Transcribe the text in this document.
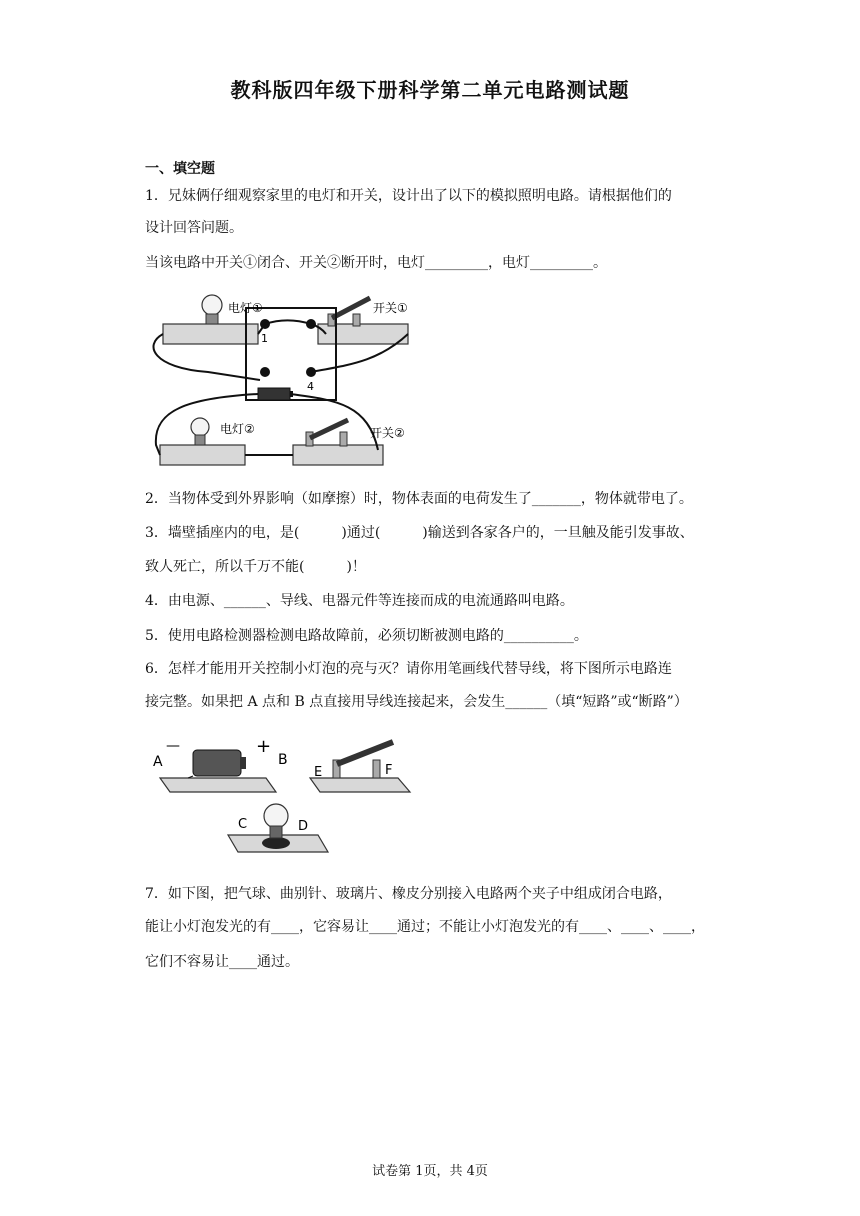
教科版四年级下册科学第二单元电路测试题
一、填空题
1．兄妹俩仔细观察家里的电灯和开关，设计出了以下的模拟照明电路。请根据他们的
设计回答问题。
当该电路中开关①闭合、开关②断开时，电灯_________，电灯_________。
电灯①	开关①
电灯②	开关②
1
4
2．当物体受到外界影响（如摩擦）时，物体表面的电荷发生了_______，物体就带电了。
3．墙壁插座内的电，是(　　　)通过(　　　)输送到各家各户的，一旦触及能引发事故、
致人死亡，所以千万不能(　　　)！
4．由电源、______、导线、电器元件等连接而成的电流通路叫电路。
5．使用电路检测器检测电路故障前，必须切断被测电路的__________。
6．怎样才能用开关控制小灯泡的亮与灭？请你用笔画线代替导线，将下图所示电路连
接完整。如果把 A 点和 B 点直接用导线连接起来，会发生______（填“短路”或“断路”）
—	+
A	B
E	F
C	D
7．如下图，把气球、曲别针、玻璃片、橡皮分别接入电路两个夹子中组成闭合电路，
能让小灯泡发光的有____，它容易让____通过；不能让小灯泡发光的有____、____、____，
它们不容易让____通过。
试卷第 1页，共 4页
